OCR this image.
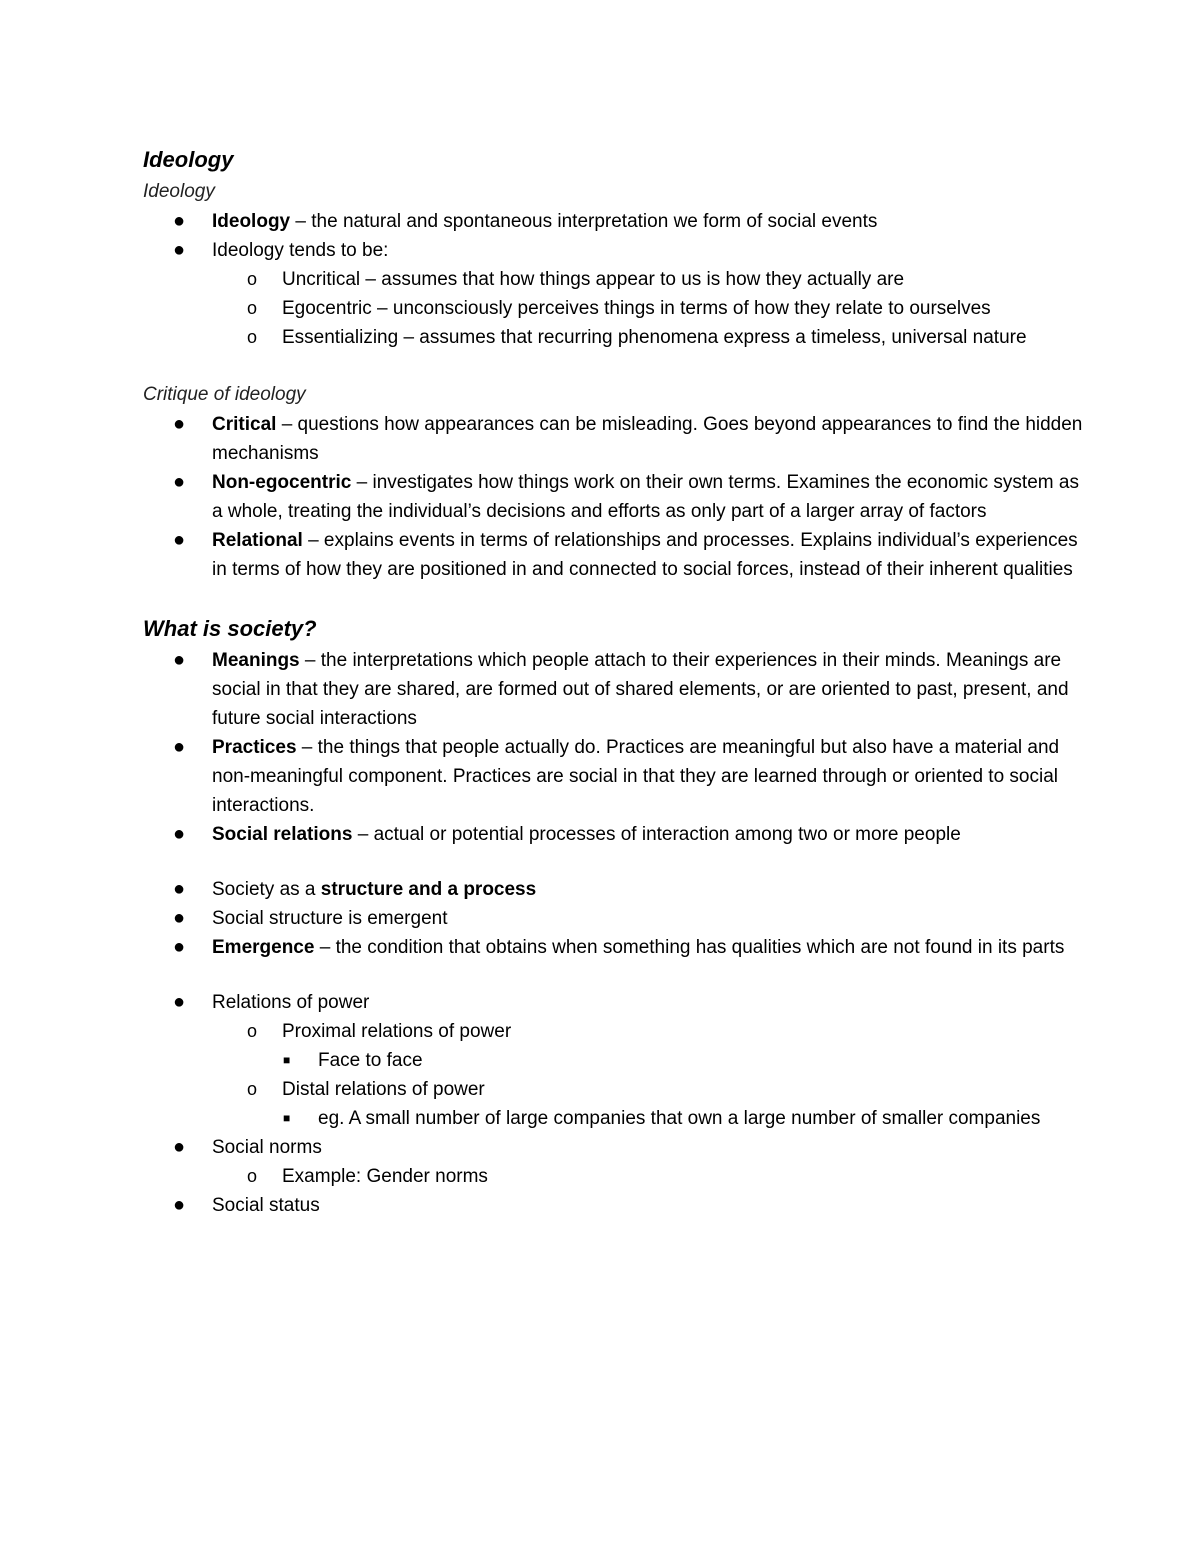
Ideology
Ideology
● Ideology – the natural and spontaneous interpretation we form of social events
● Ideology tends to be:
o Uncritical – assumes that how things appear to us is how they actually are
o Egocentric – unconsciously perceives things in terms of how they relate to ourselves
o Essentializing – assumes that recurring phenomena express a timeless, universal nature
Critique of ideology
● Critical – questions how appearances can be misleading. Goes beyond appearances to find the hidden mechanisms
● Non-egocentric – investigates how things work on their own terms. Examines the economic system as a whole, treating the individual’s decisions and efforts as only part of a larger array of factors
● Relational – explains events in terms of relationships and processes. Explains individual’s experiences in terms of how they are positioned in and connected to social forces, instead of their inherent qualities
What is society?
● Meanings – the interpretations which people attach to their experiences in their minds. Meanings are social in that they are shared, are formed out of shared elements, or are oriented to past, present, and future social interactions
● Practices – the things that people actually do. Practices are meaningful but also have a material and non-meaningful component. Practices are social in that they are learned through or oriented to social interactions.
● Social relations – actual or potential processes of interaction among two or more people
● Society as a structure and a process
● Social structure is emergent
● Emergence – the condition that obtains when something has qualities which are not found in its parts
● Relations of power
o Proximal relations of power
■ Face to face
o Distal relations of power
■ eg. A small number of large companies that own a large number of smaller companies
● Social norms
o Example: Gender norms
● Social status
